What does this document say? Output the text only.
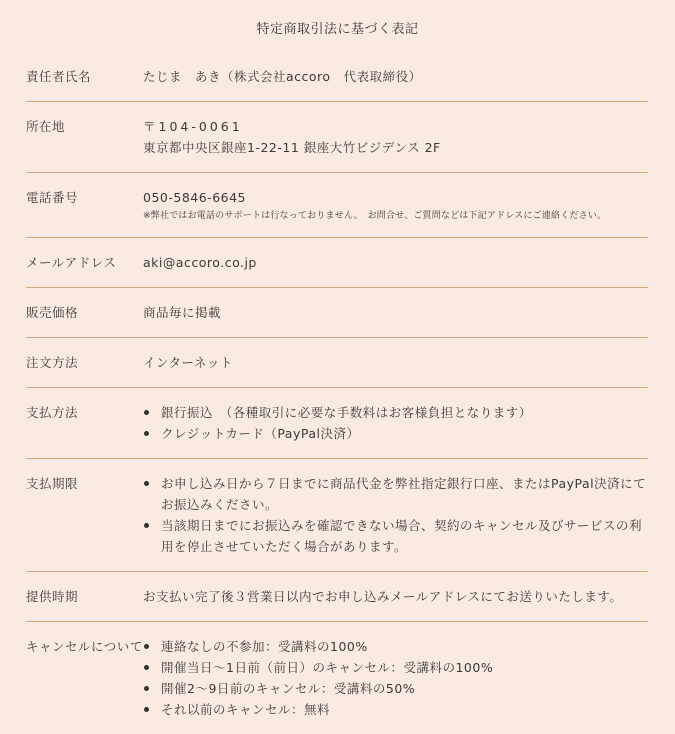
特定商取引法に基づく表記
責任者氏名	たじま　あき（株式会社accoro　代表取締役）
所在地	〒104-0061
東京都中央区銀座1-22-11 銀座大竹ビジデンス 2F
電話番号	050-5846-6645
※弊社ではお電話のサポートは行なっておりません。　お問合せ、ご質問などは下記アドレスにご連絡ください。
メールアドレス	aki@accoro.co.jp
販売価格	商品毎に掲載
注文方法	インターネット
支払方法	銀行振込　（各種取引に必要な手数料はお客様負担となります）
クレジットカード（PayPal決済）
支払期限	お申し込み日から７日までに商品代金を弊社指定銀行口座、またはPayPal決済にてお振込みください。
当該期日までにお振込みを確認できない場合、契約のキャンセル及びサービスの利用を停止させていただく場合があります。
提供時期	お支払い完了後３営業日以内でお申し込みメールアドレスにてお送りいたします。
キャンセルについて	連絡なしの不参加：受講料の100%
開催当日〜1日前（前日）のキャンセル：受講料の100%
開催2〜9日前のキャンセル：受講料の50%
それ以前のキャンセル：無料
